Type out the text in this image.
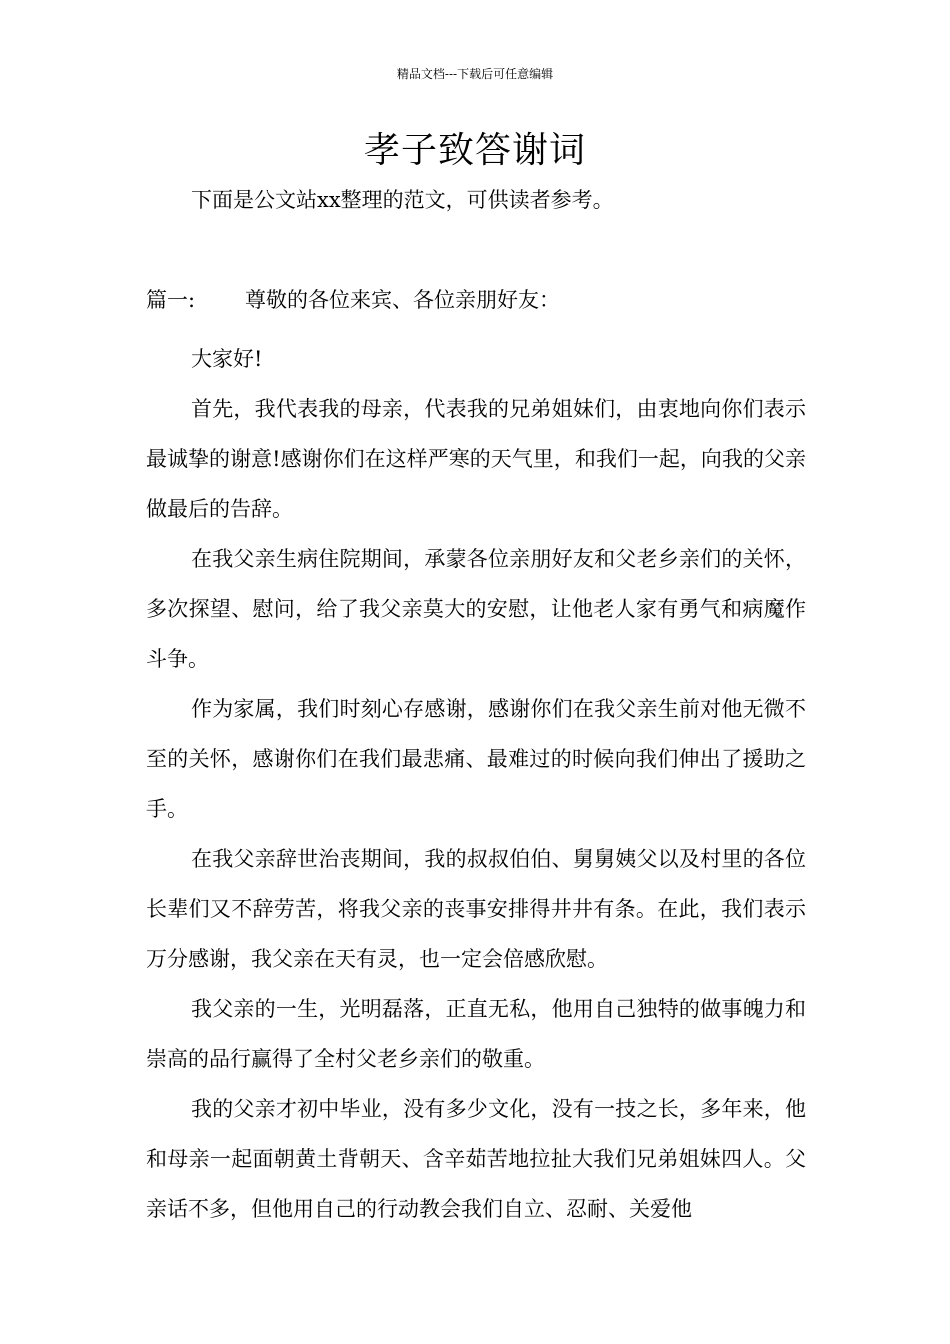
精品文档---下载后可任意编辑
孝子致答谢词
下面是公文站xx整理的范文，可供读者参考。
篇一: 尊敬的各位来宾、各位亲朋好友：

大家好!

首先，我代表我的母亲，代表我的兄弟姐妹们，由衷地向你们表示最诚挚的谢意!感谢你们在这样严寒的天气里，和我们一起，向我的父亲做最后的告辞。

在我父亲生病住院期间，承蒙各位亲朋好友和父老乡亲们的关怀，多次探望、慰问，给了我父亲莫大的安慰，让他老人家有勇气和病魔作斗争。

作为家属，我们时刻心存感谢，感谢你们在我父亲生前对他无微不至的关怀，感谢你们在我们最悲痛、最难过的时候向我们伸出了援助之手。

在我父亲辞世治丧期间，我的叔叔伯伯、舅舅姨父以及村里的各位长辈们又不辞劳苦，将我父亲的丧事安排得井井有条。在此，我们表示万分感谢，我父亲在天有灵，也一定会倍感欣慰。

我父亲的一生，光明磊落，正直无私，他用自己独特的做事魄力和崇高的品行赢得了全村父老乡亲们的敬重。

我的父亲才初中毕业，没有多少文化，没有一技之长，多年来，他和母亲一起面朝黄土背朝天、含辛茹苦地拉扯大我们兄弟姐妹四人。父亲话不多，但他用自己的行动教会我们自立、忍耐、关爱他
